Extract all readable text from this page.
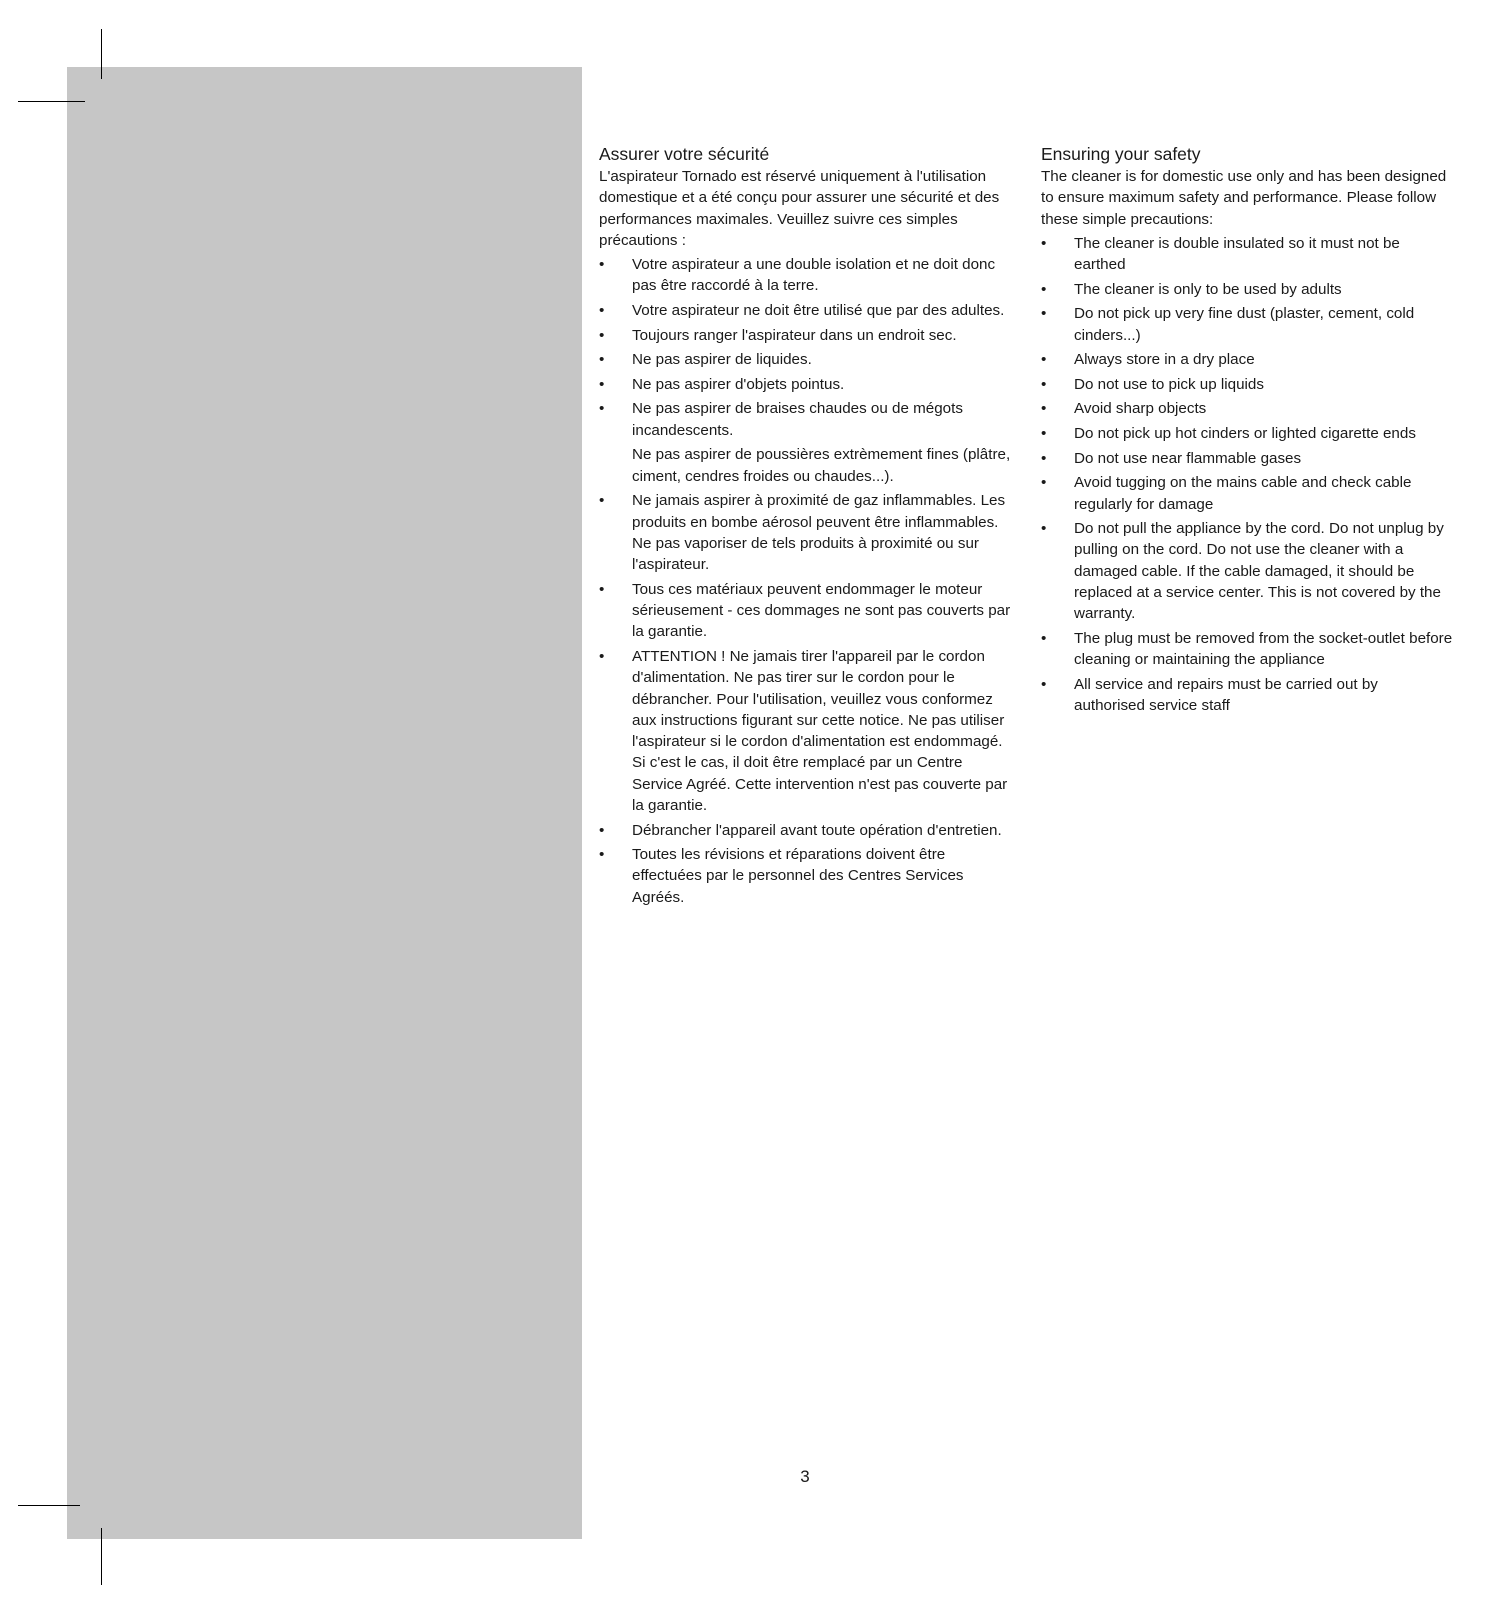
Assurer votre sécurité

L'aspirateur Tornado est réservé uniquement à l'utilisation domestique et a été conçu pour assurer une sécurité et des performances maximales. Veuillez suivre ces simples précautions :

•	Votre aspirateur a une double isolation et ne doit donc pas être raccordé à la terre.
•	Votre aspirateur ne doit être utilisé que par des adultes.
•	Toujours ranger l'aspirateur dans un endroit sec.
•	Ne pas aspirer de liquides.
•	Ne pas aspirer d'objets pointus.
•	Ne pas aspirer de braises chaudes ou de mégots incandescents.
Ne pas aspirer de poussières extrèmement fines (plâtre, ciment, cendres froides ou chaudes...).
•	Ne jamais aspirer à proximité de gaz inflammables. Les produits en bombe aérosol peuvent être inflammables. Ne pas vaporiser de tels produits à proximité ou sur l'aspirateur.
•	Tous ces matériaux peuvent endommager le moteur sérieusement - ces dommages ne sont pas couverts par la garantie.
•	ATTENTION ! Ne jamais tirer l'appareil par le cordon d'alimentation. Ne pas tirer sur le cordon pour le débrancher. Pour l'utilisation, veuillez vous conformez aux instructions figurant sur cette notice. Ne pas utiliser l'aspirateur si le cordon d'alimentation est endommagé. Si c'est le cas, il doit être remplacé par un Centre Service Agréé. Cette intervention n'est pas couverte par la garantie.
•	Débrancher l'appareil avant toute opération d'entretien.
•	Toutes les révisions et réparations doivent être effectuées par le personnel des Centres Services Agréés.
Ensuring your safety

The cleaner is for domestic use only and has been designed to ensure maximum safety and performance. Please follow these simple precautions:

•	The cleaner is double insulated so it must not be earthed
•	The cleaner is only to be used by adults
•	Do not pick up very fine dust (plaster, cement, cold cinders...)
•	Always store in a dry place
•	Do not use to pick up liquids
•	Avoid sharp objects
•	Do not pick up hot cinders or lighted cigarette ends
•	Do not use near flammable gases
•	Avoid tugging on the mains cable and check cable regularly for damage
•	Do not pull the appliance by the cord. Do not unplug by pulling on the cord. Do not use the cleaner with a damaged cable. If the cable damaged, it should be replaced at a service center. This is not covered by the warranty.
•	The plug must be removed from the socket-outlet before cleaning or maintaining the appliance
•	All service and repairs must be carried out by authorised service staff
3
